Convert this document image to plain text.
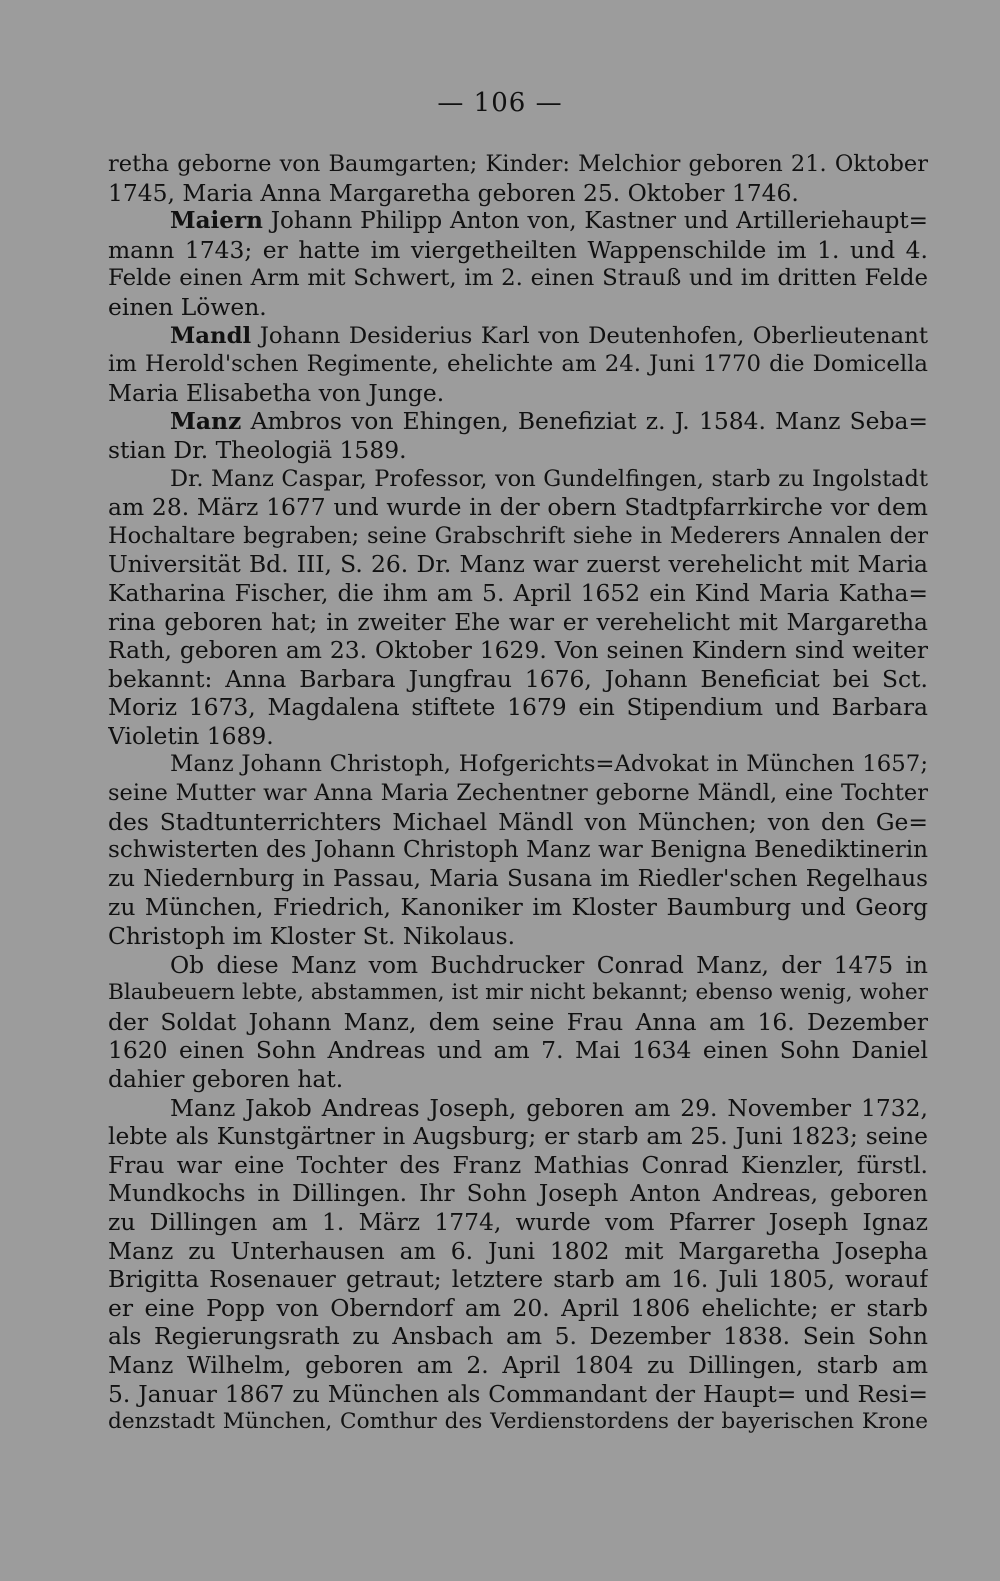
— 106 —
retha geborne von Baumgarten; Kinder: Melchior geboren 21. Oktober
1745, Maria Anna Margaretha geboren 25. Oktober 1746.
Maiern Johann Philipp Anton von, Kastner und Artilleriehaupt=
mann 1743; er hatte im viergetheilten Wappenschilde im 1. und 4.
Felde einen Arm mit Schwert, im 2. einen Strauß und im dritten Felde
einen Löwen.
Mandl Johann Desiderius Karl von Deutenhofen, Oberlieutenant
im Herold'schen Regimente, ehelichte am 24. Juni 1770 die Domicella
Maria Elisabetha von Junge.
Manz Ambros von Ehingen, Benefiziat z. J. 1584. Manz Seba=
stian Dr. Theologiä 1589.
Dr. Manz Caspar, Professor, von Gundelfingen, starb zu Ingolstadt
am 28. März 1677 und wurde in der obern Stadtpfarrkirche vor dem
Hochaltare begraben; seine Grabschrift siehe in Mederers Annalen der
Universität Bd. III, S. 26. Dr. Manz war zuerst verehelicht mit Maria
Katharina Fischer, die ihm am 5. April 1652 ein Kind Maria Katha=
rina geboren hat; in zweiter Ehe war er verehelicht mit Margaretha
Rath, geboren am 23. Oktober 1629. Von seinen Kindern sind weiter
bekannt: Anna Barbara Jungfrau 1676, Johann Beneficiat bei Sct.
Moriz 1673, Magdalena stiftete 1679 ein Stipendium und Barbara
Violetin 1689.
Manz Johann Christoph, Hofgerichts=Advokat in München 1657;
seine Mutter war Anna Maria Zechentner geborne Mändl, eine Tochter
des Stadtunterrichters Michael Mändl von München; von den Ge=
schwisterten des Johann Christoph Manz war Benigna Benediktinerin
zu Niedernburg in Passau, Maria Susana im Riedler'schen Regelhaus
zu München, Friedrich, Kanoniker im Kloster Baumburg und Georg
Christoph im Kloster St. Nikolaus.
Ob diese Manz vom Buchdrucker Conrad Manz, der 1475 in
Blaubeuern lebte, abstammen, ist mir nicht bekannt; ebenso wenig, woher
der Soldat Johann Manz, dem seine Frau Anna am 16. Dezember
1620 einen Sohn Andreas und am 7. Mai 1634 einen Sohn Daniel
dahier geboren hat.
Manz Jakob Andreas Joseph, geboren am 29. November 1732,
lebte als Kunstgärtner in Augsburg; er starb am 25. Juni 1823; seine
Frau war eine Tochter des Franz Mathias Conrad Kienzler, fürstl.
Mundkochs in Dillingen. Ihr Sohn Joseph Anton Andreas, geboren
zu Dillingen am 1. März 1774, wurde vom Pfarrer Joseph Ignaz
Manz zu Unterhausen am 6. Juni 1802 mit Margaretha Josepha
Brigitta Rosenauer getraut; letztere starb am 16. Juli 1805, worauf
er eine Popp von Oberndorf am 20. April 1806 ehelichte; er starb
als Regierungsrath zu Ansbach am 5. Dezember 1838. Sein Sohn
Manz Wilhelm, geboren am 2. April 1804 zu Dillingen, starb am
5. Januar 1867 zu München als Commandant der Haupt= und Resi=
denzstadt München, Comthur des Verdienstordens der bayerischen Krone
